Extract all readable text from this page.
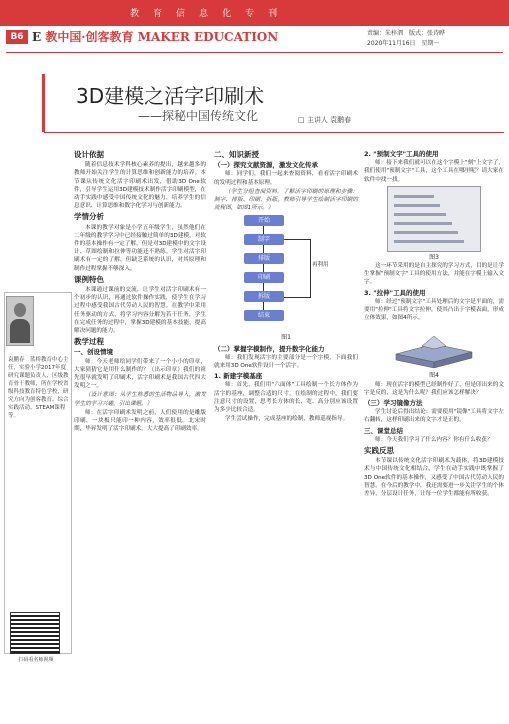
教育信息化专刊
B6 E 教中国·创客教育 MAKER EDUCATION	责编：朱梓泗　版式：张诗晔
2020年11月16日　星期一
3D建模之活字印刷术
——探秘中国传统文化	□ 主讲人 袁鹏春
袁鹏春　蓝桥教育中心主任，实验小学2017年度研究课题负责人，区级教育骨干教师，所在学校省级科技教育特色学校，研究方向为创客教育、综合实践活动、STEAM课程等。
扫码看名师视频
设计依据

随着信息技术学科核心素养的提出，越来越多的教师开始关注学生的计算思维和创新能力的培养。本节课从传统文化活字印刷术出发，借助3D One软件，引导学生运用3D建模技术制作活字印刷模型，在动手实践中感受中国传统文化的魅力，培养学生的信息意识、计算思维和数字化学习与创新能力。

学情分析

本课的教学对象是小学五年级学生，虽然他们在二年级的教学学习中已经接触过简单的3D建模，对软件的基本操作有一定了解，但是对3D建模中的文字设计、草图绘制和拉伸等功能还不熟练。学生对活字印刷术有一定的了解，但缺乏系统的认识，对其原理和制作过程掌握不够深入。

课例特色

本课通过课前的交流，让学生对活字印刷术有一个初步的认识，再通过软件操作实践，使学生在学习过程中感受我国古代劳动人民的智慧。在教学中采用任务驱动的方式，将学习内容分解为若干任务，学生在完成任务的过程中，掌握3D建模的基本技能，提高解决问题的能力。

教学过程
一、创设情境

师：今天老师给同学们带来了一个小小的印章，大家猜猜它是用什么制作的？（出示印章）我们的祖先很早就发明了印刷术，活字印刷术是我国古代四大发明之一。

（设计意图：从学生熟悉的生活物品导入，激发学生的学习兴趣，引出课题。）

师：在活字印刷术发明之前，人们使用的是雕版印刷，一块板只能印一种内容，效率很低。北宋时期，毕昇发明了活字印刷术，大大提高了印刷效率。

二、知识新授
（一）探究文献资源，激发文化传承

师：同学们，我们一起来查阅资料，看看活字印刷术的发明过程和基本原理。

（学生分组查阅资料，了解活字印刷的原理和步骤：制字、排版、印刷、拆版。教师引导学生绘制活字印刷的流程图，如图1所示。）

开始
制字
排版
印刷
拆版
结束
再利用
图1
（二）掌握字模制作，提升数字化能力

师：我们发现活字的主要部分是一个字模，下面我们就来用3D One软件设计一个活字。

1. 新建字模基座

师：首先，我们用"六面体"工具绘制一个长方体作为活字的基座，调整合适的尺寸。在绘制的过程中，我们要注意尺寸的设置，思考长方体的长、宽、高分别应该设置为多少比较合适。

学生尝试操作，完成基座的绘制，教师巡视指导。

2. "预制文字"工具的使用

师：接下来我们就可以在这个字模上"刻"上文字了，我们使用"预制文字"工具，这个工具在哪里呢？请大家在软件中找一找。

图3

这一环节采用的是自主探究的学习方式，目的是让学生掌握"预制文字"工具的使用方法，并能在字模上输入文字。

3. "拉伸"工具的使用

师：经过"预制文字"工具处理后的文字是平面的，需要用"拉伸"工具将文字拉伸，使其凸出于字模表面，形成立体效果，如图4所示。

图4

师：现在活字的模型已经制作好了，但是印出来的文字是反的，这是为什么呢？我们应该怎样解决？

（三）学习镜像方法

学生讨论后得出结论：需要使用"镜像"工具将文字左右翻转，这样印刷出来的文字才是正的。

三、课堂总结

师：今天我们学习了什么内容？你有什么收获？

实践反思

本节课以传统文化活字印刷术为载体，将3D建模技术与中国传统文化相结合，学生在动手实践中既掌握了3D One软件的基本操作，又感受了中国古代劳动人民的智慧。在今后的教学中，我还需要进一步关注学生的个体差异，分层设计任务，让每一位学生都能有所收获。
